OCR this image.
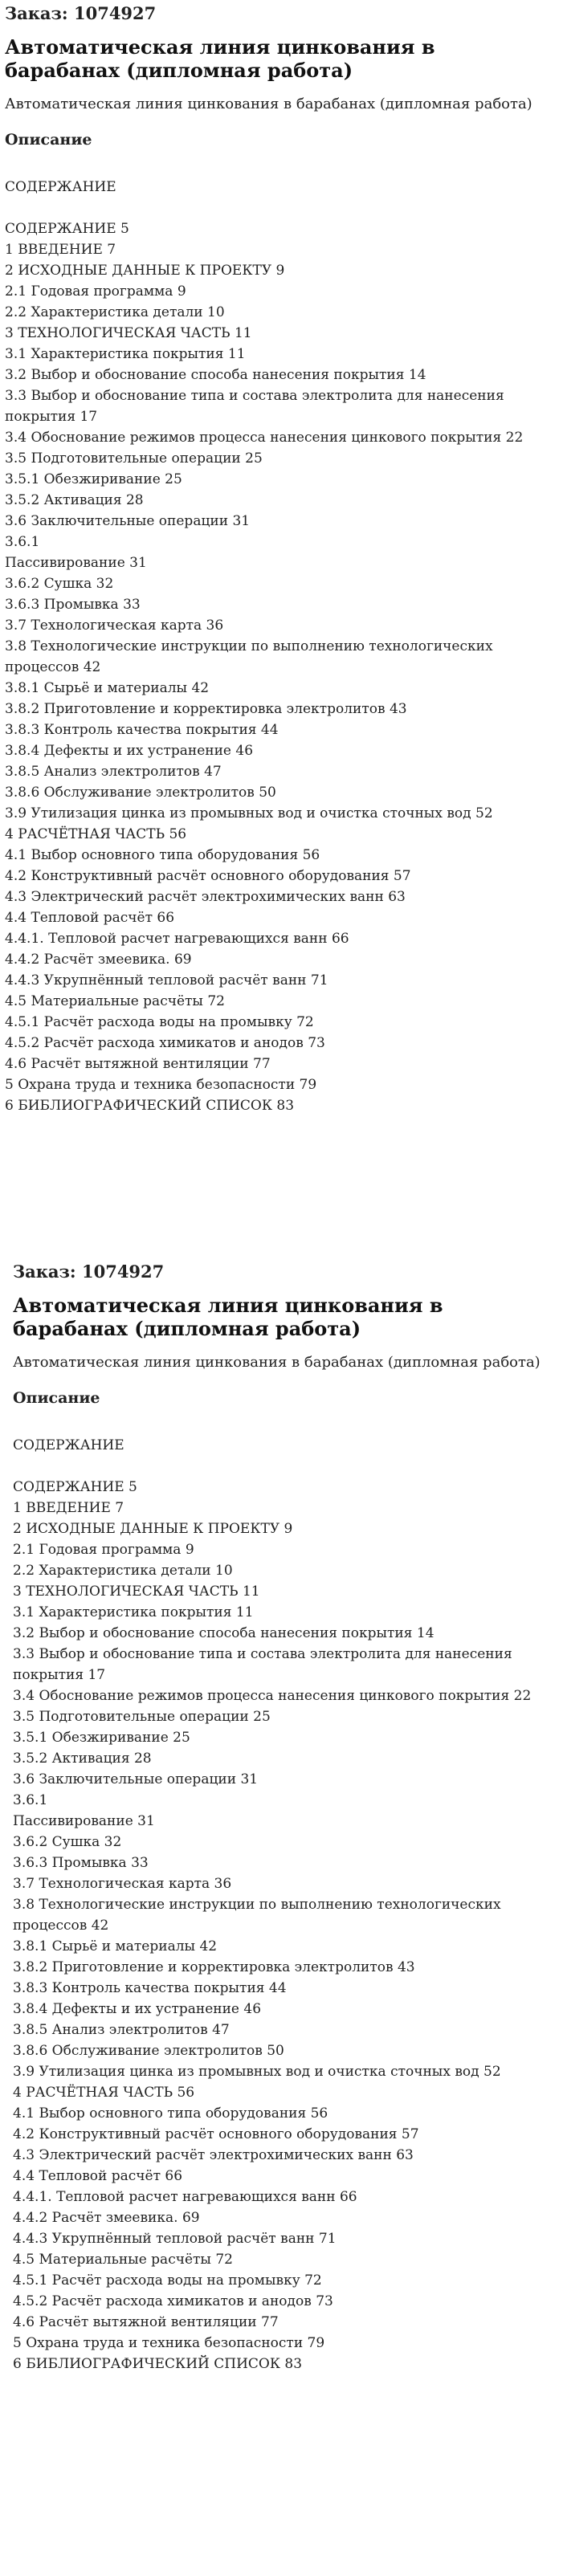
Заказ: 1074927
Автоматическая линия цинкования в барабанах (дипломная работа)
Автоматическая линия цинкования в барабанах (дипломная работа)
Описание
СОДЕРЖАНИЕ
СОДЕРЖАНИЕ 5
1 ВВЕДЕНИЕ 7
2 ИСХОДНЫЕ ДАННЫЕ К ПРОЕКТУ 9
2.1 Годовая программа 9
2.2 Характеристика детали 10
3 ТЕХНОЛОГИЧЕСКАЯ ЧАСТЬ 11
3.1 Характеристика покрытия 11
3.2 Выбор и обоснование способа нанесения покрытия 14
3.3 Выбор и обоснование типа и состава электролита для нанесения покрытия 17
3.4 Обоснование режимов процесса нанесения цинкового покрытия 22
3.5 Подготовительные операции 25
3.5.1 Обезжиривание 25
3.5.2 Активация 28
3.6 Заключительные операции 31
3.6.1
Пассивирование 31
3.6.2 Сушка 32
3.6.3 Промывка 33
3.7 Технологическая карта 36
3.8 Технологические инструкции по выполнению технологических процессов 42
3.8.1 Сырьё и материалы 42
3.8.2 Приготовление и корректировка электролитов 43
3.8.3 Контроль качества покрытия 44
3.8.4 Дефекты и их устранение 46
3.8.5 Анализ электролитов 47
3.8.6 Обслуживание электролитов 50
3.9 Утилизация цинка из промывных вод и очистка сточных вод 52
4 РАСЧЁТНАЯ ЧАСТЬ 56
4.1 Выбор основного типа оборудования 56
4.2 Конструктивный расчёт основного оборудования 57
4.3 Электрический расчёт электрохимических ванн 63
4.4 Тепловой расчёт 66
4.4.1. Тепловой расчет нагревающихся ванн 66
4.4.2 Расчёт змеевика. 69
4.4.3 Укрупнённый тепловой расчёт ванн 71
4.5 Материальные расчёты 72
4.5.1 Расчёт расхода воды на промывку 72
4.5.2 Расчёт расхода химикатов и анодов 73
4.6 Расчёт вытяжной вентиляции 77
5 Охрана труда и техника безопасности 79
6 БИБЛИОГРАФИЧЕСКИЙ СПИСОК 83
Заказ: 1074927
Автоматическая линия цинкования в барабанах (дипломная работа)
Автоматическая линия цинкования в барабанах (дипломная работа)
Описание
СОДЕРЖАНИЕ
СОДЕРЖАНИЕ 5
1 ВВЕДЕНИЕ 7
2 ИСХОДНЫЕ ДАННЫЕ К ПРОЕКТУ 9
2.1 Годовая программа 9
2.2 Характеристика детали 10
3 ТЕХНОЛОГИЧЕСКАЯ ЧАСТЬ 11
3.1 Характеристика покрытия 11
3.2 Выбор и обоснование способа нанесения покрытия 14
3.3 Выбор и обоснование типа и состава электролита для нанесения покрытия 17
3.4 Обоснование режимов процесса нанесения цинкового покрытия 22
3.5 Подготовительные операции 25
3.5.1 Обезжиривание 25
3.5.2 Активация 28
3.6 Заключительные операции 31
3.6.1
Пассивирование 31
3.6.2 Сушка 32
3.6.3 Промывка 33
3.7 Технологическая карта 36
3.8 Технологические инструкции по выполнению технологических процессов 42
3.8.1 Сырьё и материалы 42
3.8.2 Приготовление и корректировка электролитов 43
3.8.3 Контроль качества покрытия 44
3.8.4 Дефекты и их устранение 46
3.8.5 Анализ электролитов 47
3.8.6 Обслуживание электролитов 50
3.9 Утилизация цинка из промывных вод и очистка сточных вод 52
4 РАСЧЁТНАЯ ЧАСТЬ 56
4.1 Выбор основного типа оборудования 56
4.2 Конструктивный расчёт основного оборудования 57
4.3 Электрический расчёт электрохимических ванн 63
4.4 Тепловой расчёт 66
4.4.1. Тепловой расчет нагревающихся ванн 66
4.4.2 Расчёт змеевика. 69
4.4.3 Укрупнённый тепловой расчёт ванн 71
4.5 Материальные расчёты 72
4.5.1 Расчёт расхода воды на промывку 72
4.5.2 Расчёт расхода химикатов и анодов 73
4.6 Расчёт вытяжной вентиляции 77
5 Охрана труда и техника безопасности 79
6 БИБЛИОГРАФИЧЕСКИЙ СПИСОК 83
